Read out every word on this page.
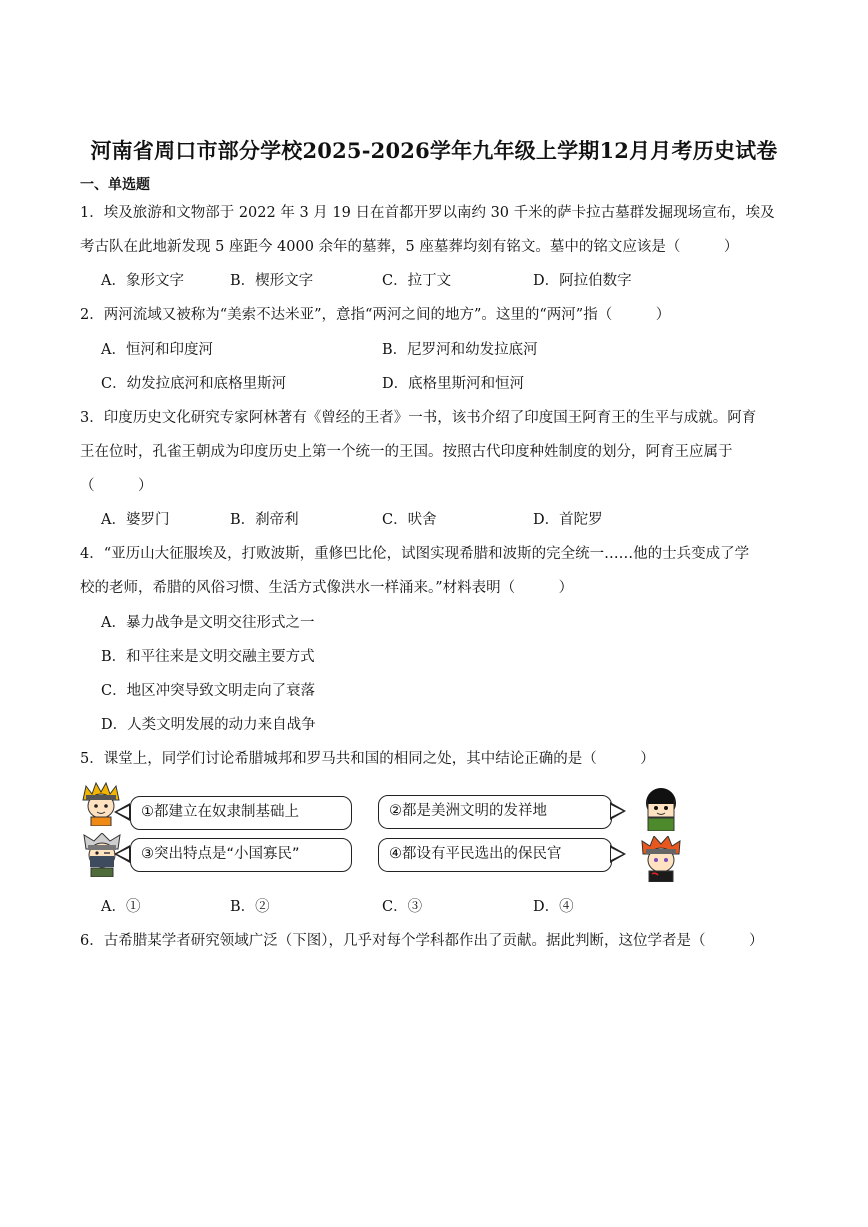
河南省周口市部分学校2025-2026学年九年级上学期12月月考历史试卷
一、单选题
1．埃及旅游和文物部于 2022 年 3 月 19 日在首都开罗以南约 30 千米的萨卡拉古墓群发掘现场宣布，埃及
考古队在此地新发现 5 座距今 4000 余年的墓葬，5 座墓葬均刻有铭文。墓中的铭文应该是（　　　）
A．象形文字	B．楔形文字	C．拉丁文	D．阿拉伯数字
2．两河流域又被称为“美索不达米亚”，意指“两河之间的地方”。这里的“两河”指（　　　）
A．恒河和印度河	B．尼罗河和幼发拉底河
C．幼发拉底河和底格里斯河	D．底格里斯河和恒河
3．印度历史文化研究专家阿林著有《曾经的王者》一书，该书介绍了印度国王阿育王的生平与成就。阿育
王在位时，孔雀王朝成为印度历史上第一个统一的王国。按照古代印度种姓制度的划分，阿育王应属于
（　　　）
A．婆罗门	B．刹帝利	C．吠舍	D．首陀罗
4．“亚历山大征服埃及，打败波斯，重修巴比伦，试图实现希腊和波斯的完全统一……他的士兵变成了学
校的老师，希腊的风俗习惯、生活方式像洪水一样涌来。”材料表明（　　　）
A．暴力战争是文明交往形式之一
B．和平往来是文明交融主要方式
C．地区冲突导致文明走向了衰落
D．人类文明发展的动力来自战争
5．课堂上，同学们讨论希腊城邦和罗马共和国的相同之处，其中结论正确的是（　　　）
①都建立在奴隶制基础上
③突出特点是“小国寡民”
②都是美洲文明的发祥地
④都设有平民选出的保民官
A．①	B．②	C．③	D．④
6．古希腊某学者研究领域广泛（下图），几乎对每个学科都作出了贡献。据此判断，这位学者是（　　　）
